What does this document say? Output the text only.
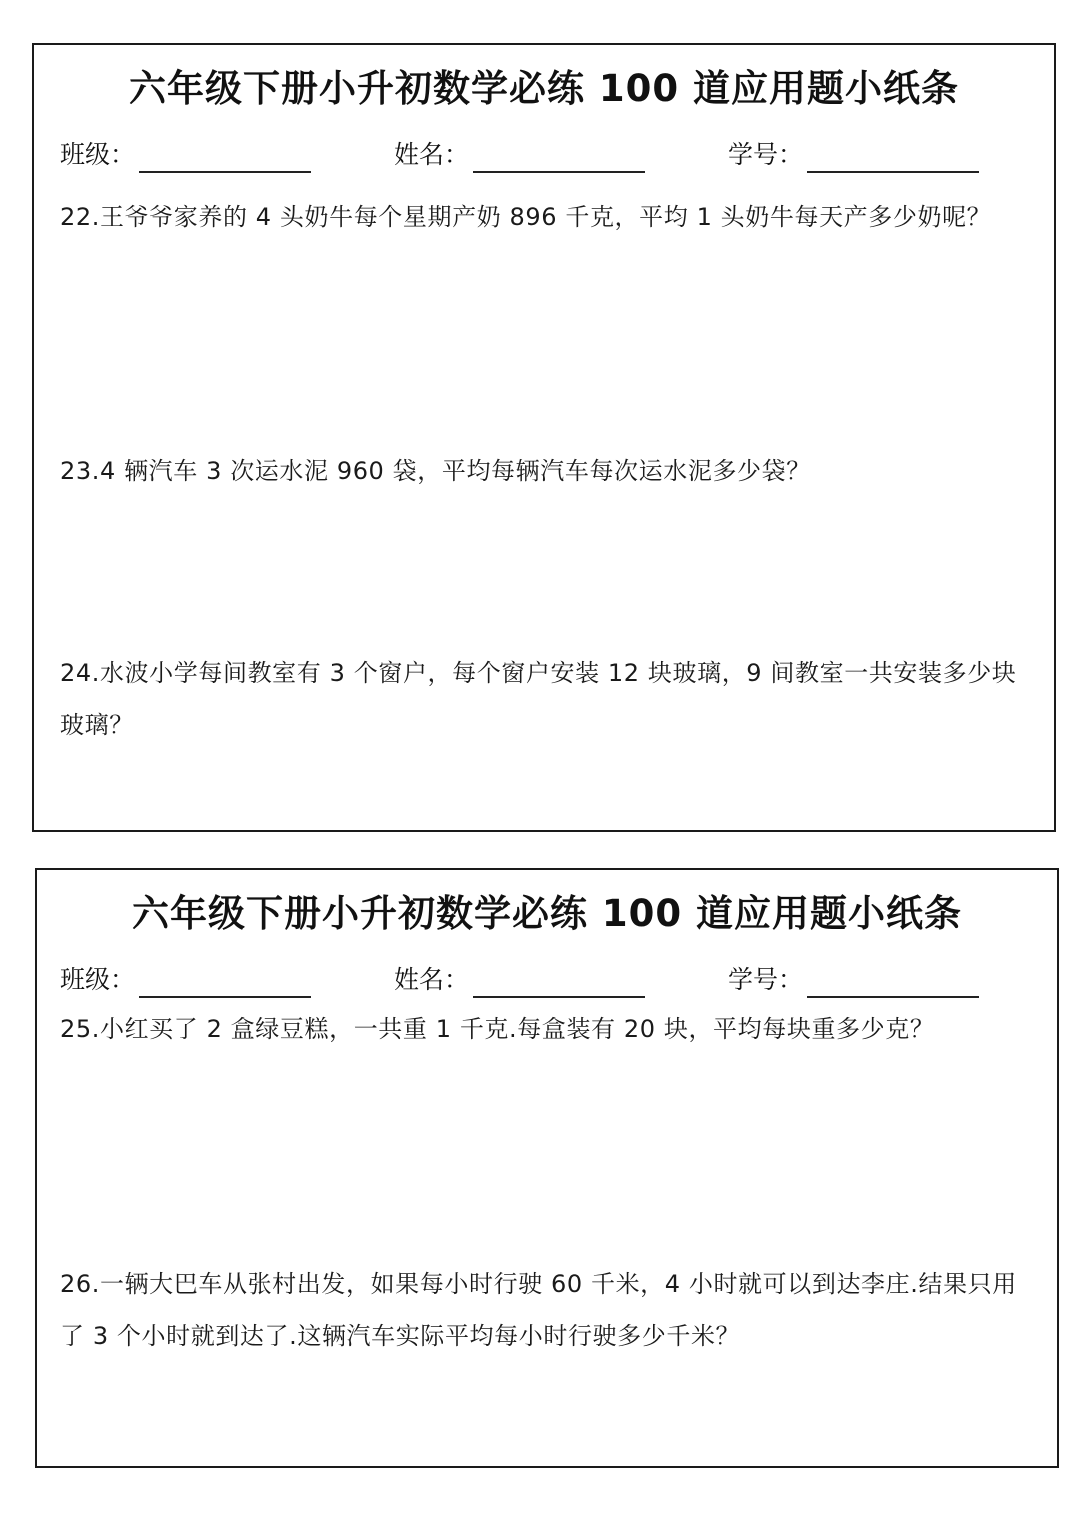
六年级下册小升初数学必练 100 道应用题小纸条
班级：	姓名：	学号：

22.王爷爷家养的 4 头奶牛每个星期产奶 896 千克，平均 1 头奶牛每天产多少奶呢？

23.4 辆汽车 3 次运水泥 960 袋，平均每辆汽车每次运水泥多少袋？

24.水波小学每间教室有 3 个窗户，每个窗户安装 12 块玻璃，9 间教室一共安装多少块玻璃？

六年级下册小升初数学必练 100 道应用题小纸条
班级：	姓名：	学号：

25.小红买了 2 盒绿豆糕，一共重 1 千克.每盒装有 20 块，平均每块重多少克？

26.一辆大巴车从张村出发，如果每小时行驶 60 千米，4 小时就可以到达李庄.结果只用了 3 个小时就到达了.这辆汽车实际平均每小时行驶多少千米？
